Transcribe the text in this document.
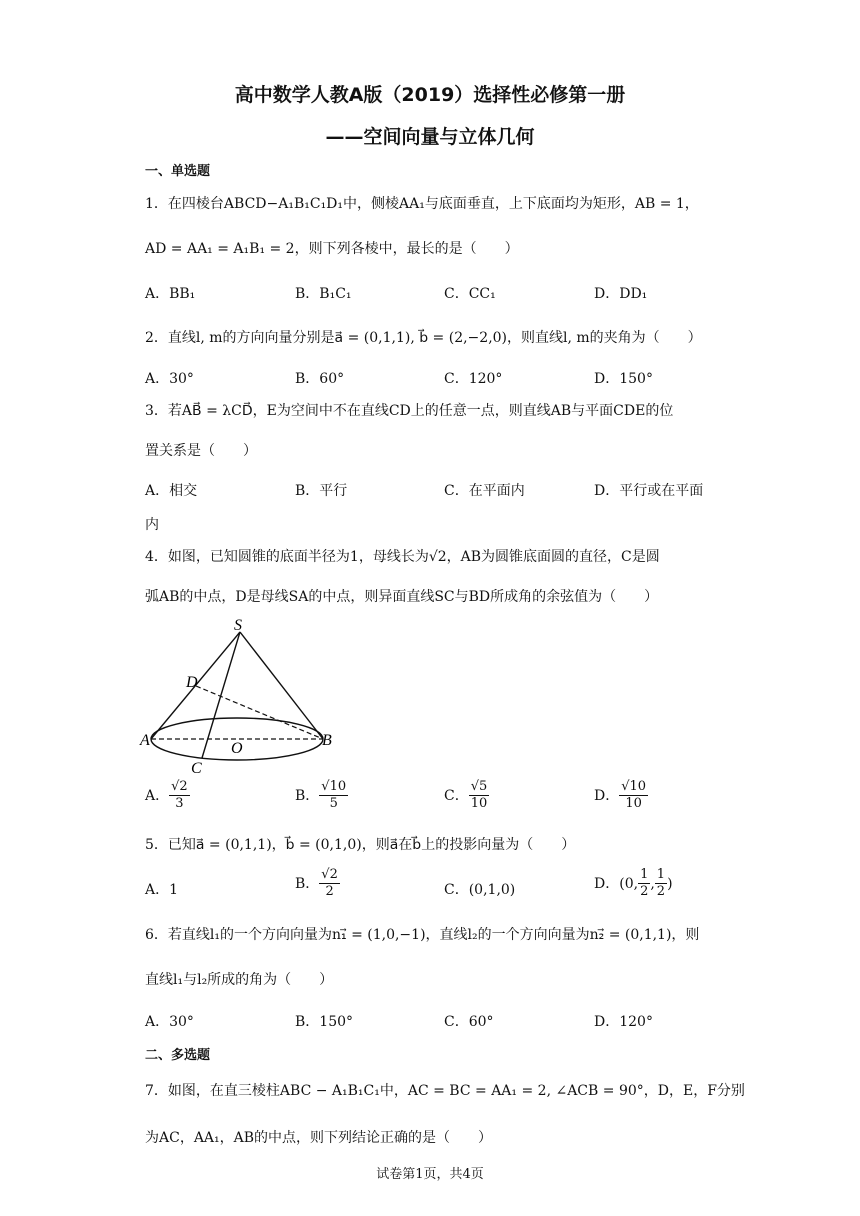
高中数学人教A版（2019）选择性必修第一册
——空间向量与立体几何
一、单选题
1．在四棱台ABCD−A₁B₁C₁D₁中，侧棱AA₁与底面垂直，上下底面均为矩形，AB = 1，
AD = AA₁ = A₁B₁ = 2，则下列各棱中，最长的是（　　）
A．BB₁	B．B₁C₁	C．CC₁	D．DD₁
2．直线l, m的方向向量分别是a⃗ = (0,1,1), b⃗ = (2,−2,0)，则直线l, m的夹角为（　　）
A．30°	B．60°	C．120°	D．150°
3．若AB⃗ = λCD⃗，E为空间中不在直线CD上的任意一点，则直线AB与平面CDE的位
置关系是（　　）
A．相交	B．平行	C．在平面内	D．平行或在平面
内
4．如图，已知圆锥的底面半径为1，母线长为√2，AB为圆锥底面圆的直径，C是圆
弧AB的中点，D是母线SA的中点，则异面直线SC与BD所成角的余弦值为（　　）
S
D
A	O	B
C
A． $\frac{√2}{3}$	B． $\frac{√10}{5}$	C． $\frac{√5}{10}$	D． $\frac{√10}{10}$
5．已知a⃗ = (0,1,1)，b⃗ = (0,1,0)，则a⃗在b⃗上的投影向量为（　　）
A．1	B． $\frac{√2}{2}$	C．(0,1,0)	D．(0, $\frac{1}{2}$ , $\frac{1}{2}$ )
6．若直线l₁的一个方向向量为n₁⃗ = (1,0,−1)，直线l₂的一个方向向量为n₂⃗ = (0,1,1)，则
直线l₁与l₂所成的角为（　　）
A．30°	B．150°	C．60°	D．120°
二、多选题
7．如图，在直三棱柱ABC − A₁B₁C₁中，AC = BC = AA₁ = 2, ∠ACB = 90°，D，E，F分别
为AC，AA₁，AB的中点，则下列结论正确的是（　　）
试卷第1页，共4页
